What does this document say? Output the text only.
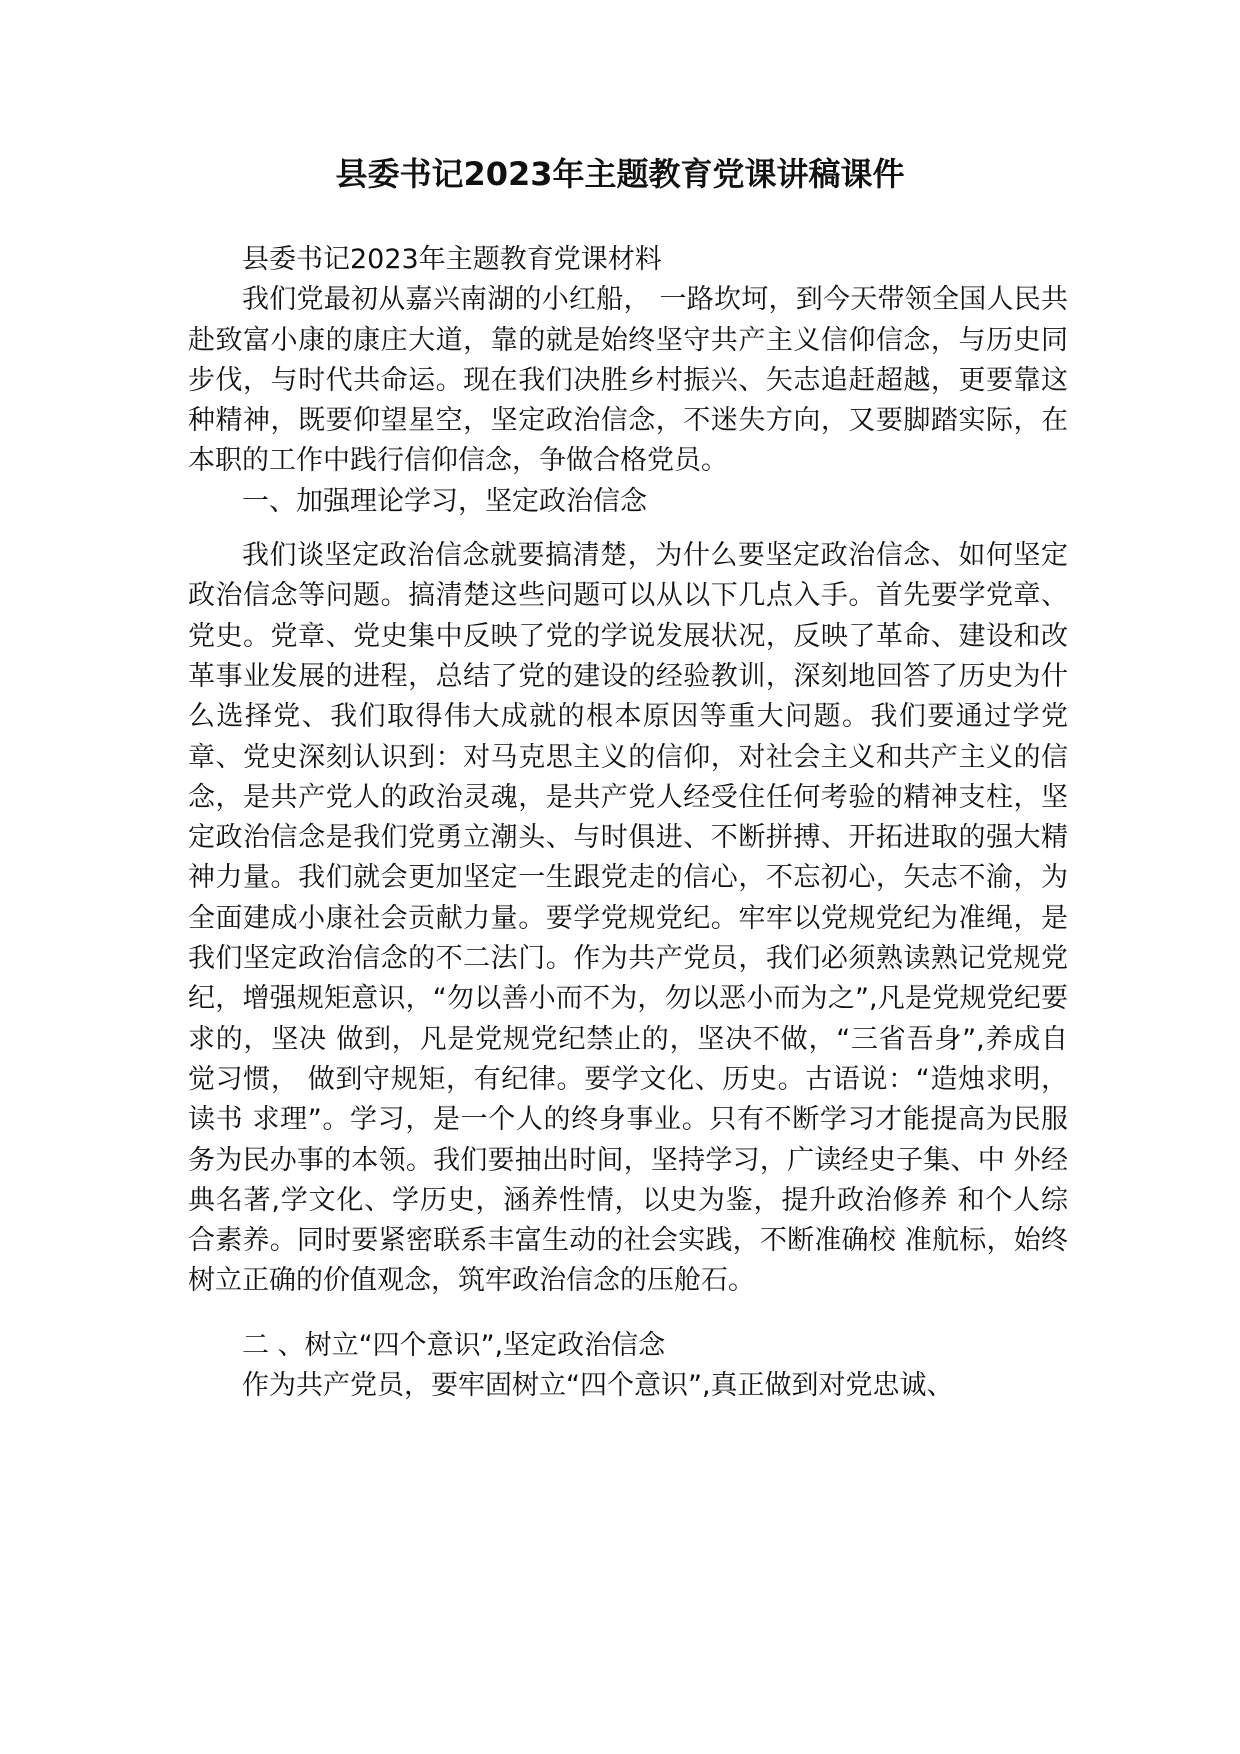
县委书记2023年主题教育党课讲稿课件

县委书记2023年主题教育党课材料

我们党最初从嘉兴南湖的小红船， 一路坎坷，到今天带领全国人民共赴致富小康的康庄大道，靠的就是始终坚守共产主义信仰信念，与历史同步伐，与时代共命运。现在我们决胜乡村振兴、矢志追赶超越，更要靠这种精神，既要仰望星空，坚定政治信念，不迷失方向，又要脚踏实际，在本职的工作中践行信仰信念，争做合格党员。

一、加强理论学习，坚定政治信念

我们谈坚定政治信念就要搞清楚，为什么要坚定政治信念、如何坚定政治信念等问题。搞清楚这些问题可以从以下几点入手。首先要学党章、党史。党章、党史集中反映了党的学说发展状况，反映了革命、建设和改革事业发展的进程，总结了党的建设的经验教训，深刻地回答了历史为什么选择党、我们取得伟大成就的根本原因等重大问题。我们要通过学党章、党史深刻认识到：对马克思主义的信仰，对社会主义和共产主义的信念，是共产党人的政治灵魂，是共产党人经受住任何考验的精神支柱，坚定政治信念是我们党勇立潮头、与时俱进、不断拼搏、开拓进取的强大精神力量。我们就会更加坚定一生跟党走的信心，不忘初心，矢志不渝，为全面建成小康社会贡献力量。要学党规党纪。牢牢以党规党纪为准绳，是我们坚定政治信念的不二法门。作为共产党员，我们必须熟读熟记党规党纪，增强规矩意识，“勿以善小而不为，勿以恶小而为之”,凡是党规党纪要求的，坚决 做到，凡是党规党纪禁止的，坚决不做，“三省吾身”,养成自觉习惯， 做到守规矩，有纪律。要学文化、历史。古语说：“造烛求明，读书 求理”。学习，是一个人的终身事业。只有不断学习才能提高为民服 务为民办事的本领。我们要抽出时间，坚持学习，广读经史子集、中 外经典名著,学文化、学历史，涵养性情，以史为鉴，提升政治修养 和个人综合素养。同时要紧密联系丰富生动的社会实践，不断准确校 准航标，始终树立正确的价值观念，筑牢政治信念的压舱石。

二 、树立“四个意识”,坚定政治信念

作为共产党员，要牢固树立“四个意识”,真正做到对党忠诚、
